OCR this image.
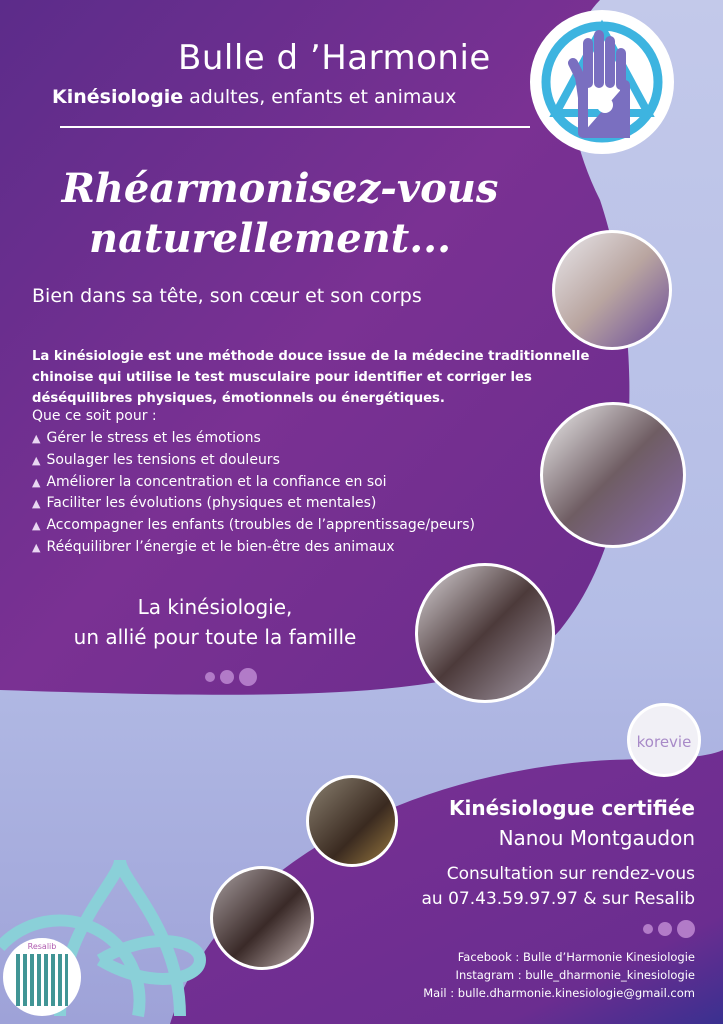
Bulle d ’Harmonie
Kinésiologie adultes, enfants et animaux
Rhéarmonisez-vous
naturellement...
Bien dans sa tête, son cœur et son corps
La kinésiologie est une méthode douce issue de la médecine traditionnelle chinoise qui utilise le test musculaire pour identifier et corriger les déséquilibres physiques, émotionnels ou énergétiques.
Que ce soit pour :
▲ Gérer le stress et les émotions
▲ Soulager les tensions et douleurs
▲ Améliorer la concentration et la confiance en soi
▲ Faciliter les évolutions (physiques et mentales)
▲ Accompagner les enfants (troubles de l’apprentissage/peurs)
▲ Rééquilibrer l’énergie et le bien-être des animaux
La kinésiologie,
un allié pour toute la famille
korevie
Kinésiologue certifiée
Nanou Montgaudon
Consultation sur rendez-vous
au 07.43.59.97.97 & sur Resalib
Facebook : Bulle d’Harmonie Kinesiologie
Instagram : bulle_dharmonie_kinesiologie
Mail : bulle.dharmonie.kinesiologie@gmail.com
Resalib
